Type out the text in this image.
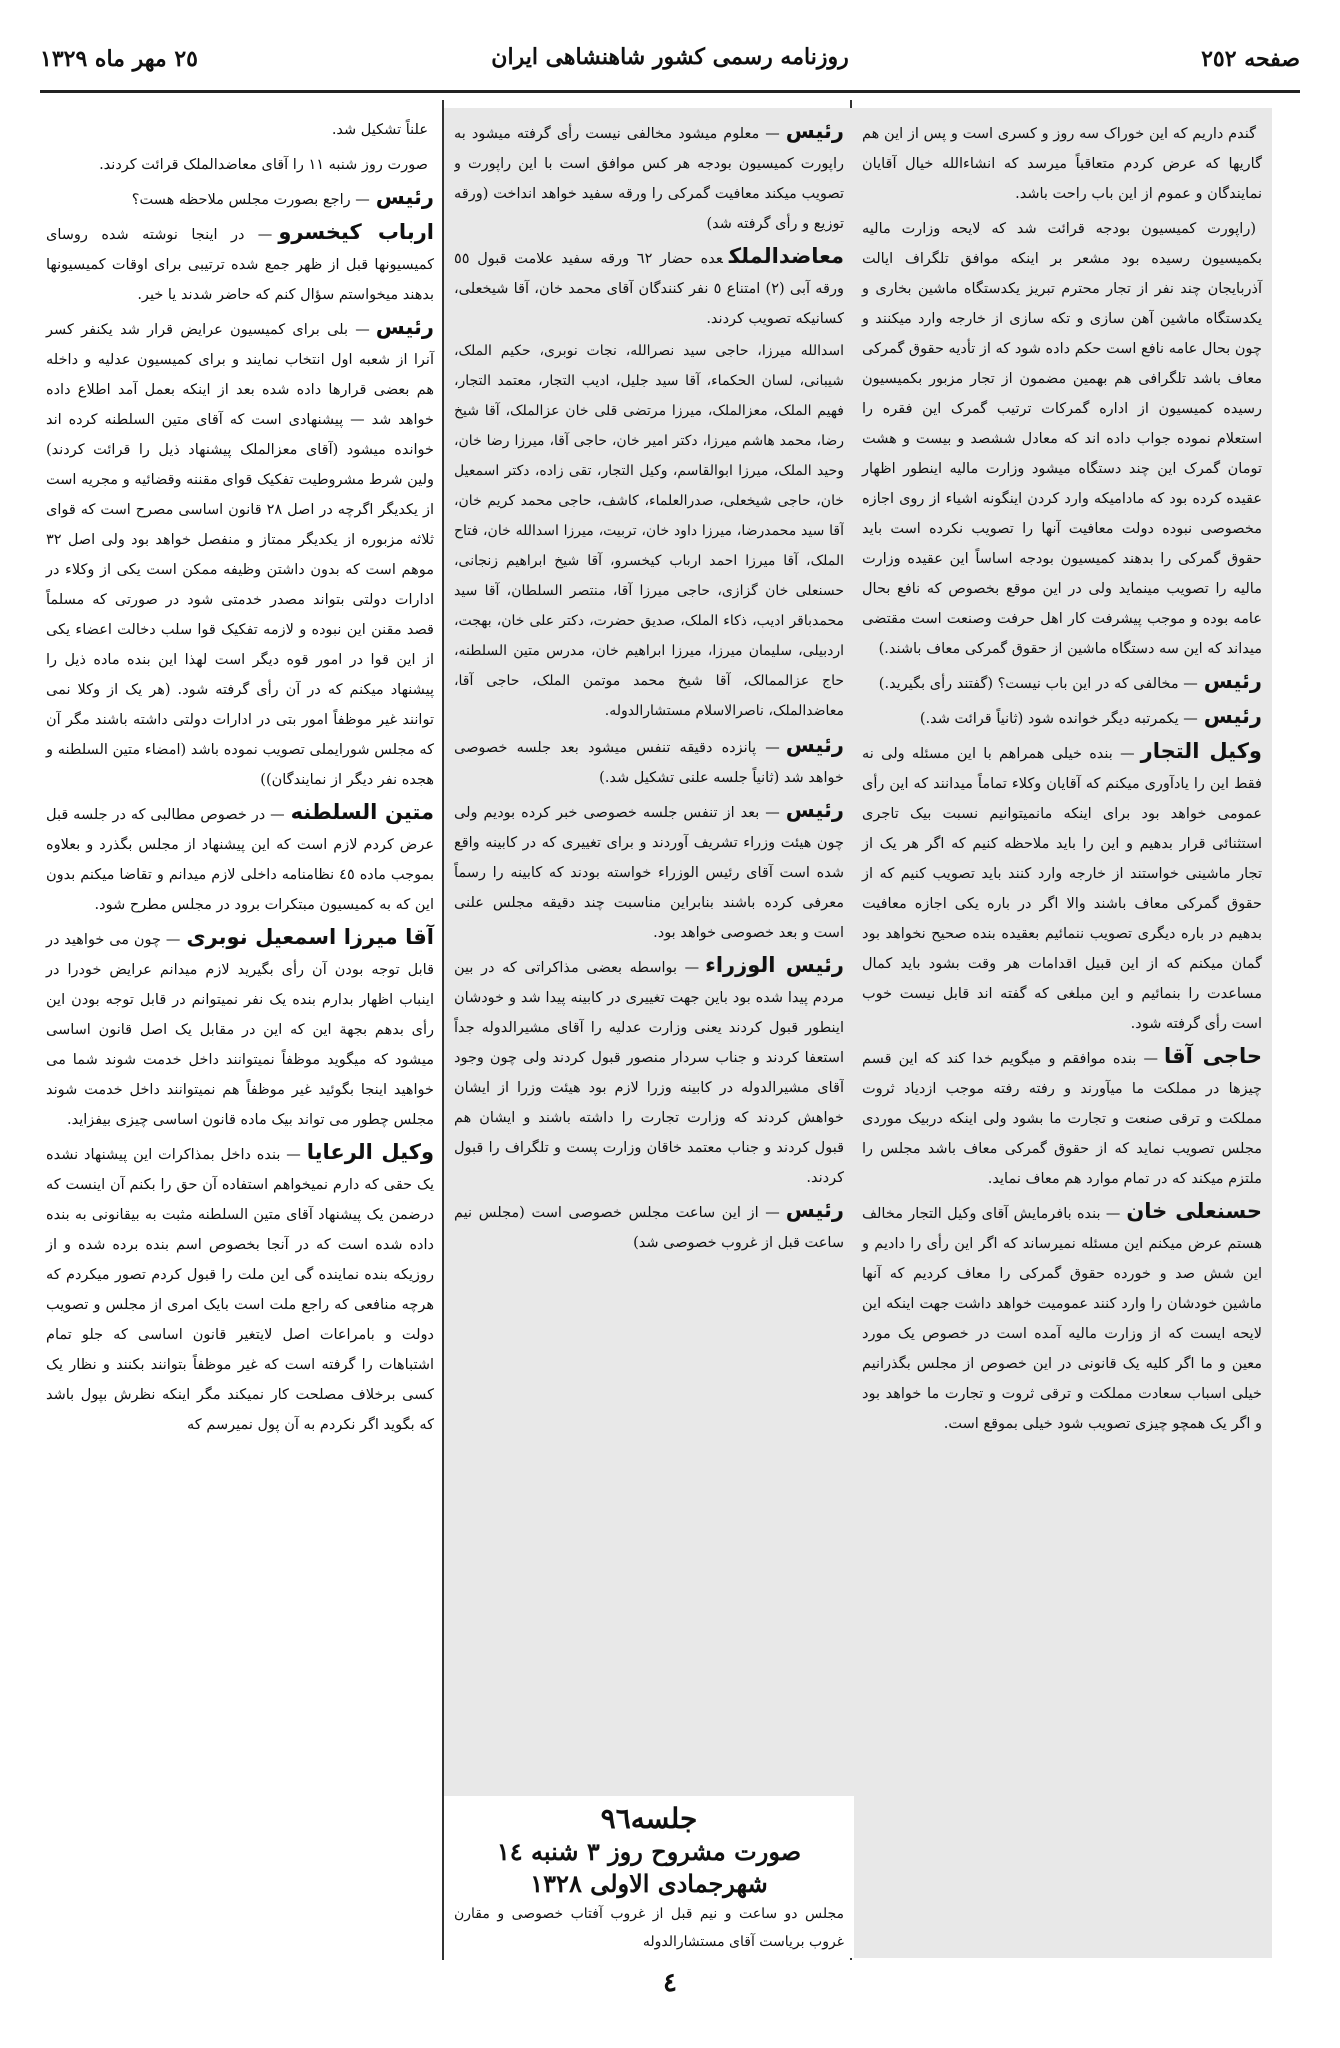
صفحه ٢٥٢
روزنامه رسمی کشور شاهنشاهی ایران
٢٥ مهر ماه ١٣٢٩

گندم داریم که این خوراک سه روز و کسری است و پس از این هم گاریها که عرض کردم متعاقباً میرسد که انشاءالله خیال آقایان نمایندگان و عموم از این باب راحت باشد.

(راپورت کمیسیون بودجه قرائت شد که لایحه وزارت مالیه بکمیسیون رسیده بود مشعر بر اینکه موافق تلگراف ایالت آذربایجان چند نفر از تجار محترم تبریز یکدستگاه ماشین بخاری و یکدستگاه ماشین آهن سازی و تکه سازی از خارجه وارد میکنند و چون بحال عامه نافع است حکم داده شود که از تأدیه حقوق گمرکی معاف باشد تلگرافی هم بهمین مضمون از تجار مزبور بکمیسیون رسیده کمیسیون از اداره گمرکات ترتیب گمرک این فقره را استعلام نموده جواب داده اند که معادل ششصد و بیست و هشت تومان گمرک این چند دستگاه میشود وزارت مالیه اینطور اظهار عقیده کرده بود که مادامیکه وارد کردن اینگونه اشیاء از روی اجازه مخصوصی نبوده دولت معافیت آنها را تصویب نکرده است باید حقوق گمرکی را بدهند کمیسیون بودجه اساساً این عقیده وزارت مالیه را تصویب مینماید ولی در این موقع بخصوص که نافع بحال عامه بوده و موجب پیشرفت کار اهل حرفت وصنعت است مقتضی میداند که این سه دستگاه ماشین از حقوق گمرکی معاف باشند.)

رئیس— مخالفی که در این باب نیست؟ (گفتند رأی بگیرید.)

رئیس— یکمرتبه دیگر خوانده شود (ثانیاً قرائت شد.)

وکیل التجار— بنده خیلی همراهم با این مسئله ولی نه فقط این را یادآوری میکنم که آقایان وکلاء تماماً میدانند که این رأی عمومی خواهد بود برای اینکه مانمیتوانیم نسبت بیک تاجری استثنائی قرار بدهیم و این را باید ملاحظه کنیم که اگر هر یک از تجار ماشینی خواستند از خارجه وارد کنند باید تصویب کنیم که از حقوق گمرکی معاف باشند والا اگر در باره یکی اجازه معافیت بدهیم در باره دیگری تصویب ننمائیم بعقیده بنده صحیح نخواهد بود گمان میکنم که از این قبیل اقدامات هر وقت بشود باید کمال مساعدت را بنمائیم و این مبلغی که گفته اند قابل نیست خوب است رأی گرفته شود.

حاجی آقا— بنده موافقم و میگویم خدا کند که این قسم چیزها در مملکت ما میآورند و رفته رفته موجب ازدیاد ثروت مملکت و ترقی صنعت و تجارت ما بشود ولی اینکه دربیک موردی مجلس تصویب نماید که از حقوق گمرکی معاف باشد مجلس را ملتزم میکند که در تمام موارد هم معاف نماید.

حسنعلی خان— بنده بافرمایش آقای وکیل التجار مخالف هستم عرض میکنم این مسئله نمیرساند که اگر این رأی را دادیم و این شش صد و خورده حقوق گمرکی را معاف کردیم که آنها ماشین خودشان را وارد کنند عمومیت خواهد داشت جهت اینکه این لایحه ایست که از وزارت مالیه آمده است در خصوص یک مورد معین و ما اگر کلیه یک قانونی در این خصوص از مجلس بگذرانیم خیلی اسباب سعادت مملکت و ترقی ثروت و تجارت ما خواهد بود و اگر یک همچو چیزی تصویب شود خیلی بموقع است.

رئیس— معلوم میشود مخالفی نیست رأی گرفته میشود به راپورت کمیسیون بودجه هر کس موافق است با این راپورت و تصویب میکند معافیت گمرکی را ورقه سفید خواهد انداخت (ورقه توزیع و رأی گرفته شد)

معاضدالملکعده حضار ٦٢ ورقه سفید علامت قبول ٥٥ ورقه آبی (٢) امتناع ٥ نفر کنندگان آقای محمد خان، آقا شیخعلی، کسانیکه تصویب کردند.

اسدالله میرزا، حاجی سید نصرالله، نجات نوبری، حکیم الملک، شیبانی، لسان الحکماء، آقا سید جلیل، ادیب التجار، معتمد التجار، فهیم الملک، معزالملک، میرزا مرتضی قلی خان عزالملک، آقا شیخ رضا، محمد هاشم میرزا، دکتر امیر خان، حاجی آقا، میرزا رضا خان، وحید الملک، میرزا ابوالقاسم، وکیل التجار، تقی زاده، دکتر اسمعیل خان، حاجی شیخعلی، صدرالعلماء، کاشف، حاجی محمد کریم خان، آقا سید محمدرضا، میرزا داود خان، تربیت، میرزا اسدالله خان، فتاح الملک، آقا میرزا احمد ارباب کیخسرو، آقا شیخ ابراهیم زنجانی، حسنعلی خان گزازی، حاجی میرزا آقا، منتصر السلطان، آقا سید محمدباقر ادیب، ذکاء الملک، صدیق حضرت، دکتر علی خان، بهجت، اردبیلی، سلیمان میرزا، میرزا ابراهیم خان، مدرس متین السلطنه، حاج عزالممالک، آقا شیخ محمد موتمن الملک، حاجی آقا، معاضدالملک، ناصرالاسلام مستشارالدوله.

رئیس— پانزده دقیقه تنفس میشود بعد جلسه خصوصی خواهد شد (ثانیاً جلسه علنی تشکیل شد.)

رئیس— بعد از تنفس جلسه خصوصی خبر کرده بودیم ولی چون هیئت وزراء تشریف آوردند و برای تغییری که در کابینه واقع شده است آقای رئیس الوزراء خواسته بودند که کابینه را رسماً معرفی کرده باشند بنابراین مناسبت چند دقیقه مجلس علنی است و بعد خصوصی خواهد بود.

رئیس الوزراء— بواسطه بعضی مذاکراتی که در بین مردم پیدا شده بود باین جهت تغییری در کابینه پیدا شد و خودشان اینطور قبول کردند یعنی وزارت عدلیه را آقای مشیرالدوله جداً استعفا کردند و جناب سردار منصور قبول کردند ولی چون وجود آقای مشیرالدوله در کابینه وزرا لازم بود هیئت وزرا از ایشان خواهش کردند که وزارت تجارت را داشته باشند و ایشان هم قبول کردند و جناب معتمد خاقان وزارت پست و تلگراف را قبول کردند.

رئیس— از این ساعت مجلس خصوصی است (مجلس نیم ساعت قبل از غروب خصوصی شد)

جلسه٩٦

صورت مشروح روز ٣ شنبه ١٤

شهرجمادی الاولی ١٣٢٨

مجلس دو ساعت و نیم قبل از غروب آفتاب خصوصی و مقارن غروب بریاست آقای مستشارالدوله

علناً تشکیل شد.

صورت روز شنبه ١١ را آقای معاضدالملک قرائت کردند.

رئیس— راجع بصورت مجلس ملاحظه هست؟

ارباب کیخسرو— در اینجا نوشته شده روسای کمیسیونها قبل از ظهر جمع شده ترتیبی برای اوقات کمیسیونها بدهند میخواستم سؤال کنم که حاضر شدند یا خیر.

رئیس— بلی برای کمیسیون عرایض قرار شد یکنفر کسر آنرا از شعبه اول انتخاب نمایند و برای کمیسیون عدلیه و داخله هم بعضی قرارها داده شده بعد از اینکه بعمل آمد اطلاع داده خواهد شد — پیشنهادی است که آقای متین السلطنه کرده اند خوانده میشود (آقای معزالملک پیشنهاد ذیل را قرائت کردند) ولین شرط مشروطیت تفکیک قوای مقننه وقضائیه و مجریه است از یکدیگر اگرچه در اصل ٢٨ قانون اساسی مصرح است که قوای ثلاثه مزبوره از یکدیگر ممتاز و منفصل خواهد بود ولی اصل ٣٢ موهم است که بدون داشتن وظیفه ممکن است یکی از وکلاء در ادارات دولتی بتواند مصدر خدمتی شود در صورتی که مسلماً قصد مقنن این نبوده و لازمه تفکیک قوا سلب دخالت اعضاء یکی از این قوا در امور قوه دیگر است لهذا این بنده ماده ذیل را پیشنهاد میکنم که در آن رأی گرفته شود. (هر یک از وکلا نمی توانند غیر موظفاً امور بتی در ادارات دولتی داشته باشند مگر آن که مجلس شورایملی تصویب نموده باشد (امضاء متین السلطنه و هجده نفر دیگر از نمایندگان))

متین السلطنه— در خصوص مطالبی که در جلسه قبل عرض کردم لازم است که این پیشنهاد از مجلس بگذرد و بعلاوه بموجب ماده ٤٥ نظامنامه داخلی لازم میدانم و تقاضا میکنم بدون این که به کمیسیون مبتکرات برود در مجلس مطرح شود.

آقا میرزا اسمعیل نوبری— چون می خواهید در قابل توجه بودن آن رأی بگیرید لازم میدانم عرایض خودرا در اینباب اظهار بدارم بنده یک نفر نمیتوانم در قابل توجه بودن این رأی بدهم بجهة این که این در مقابل یک اصل قانون اساسی میشود که میگوید موظفاً نمیتوانند داخل خدمت شوند شما می خواهید اینجا بگوئید غیر موظفاً هم نمیتوانند داخل خدمت شوند مجلس چطور می تواند بیک ماده قانون اساسی چیزی بیفزاید.

وکیل الرعایا— بنده داخل بمذاکرات این پیشنهاد نشده یک حقی که دارم نمیخواهم استفاده آن حق را بکنم آن اینست که درضمن یک پیشنهاد آقای متین السلطنه مثبت به بیقانونی به بنده داده شده است که در آنجا بخصوص اسم بنده برده شده و از روزیکه بنده نماینده گی این ملت را قبول کردم تصور میکردم که هرچه منافعی که راجع ملت است بایک امری از مجلس و تصویب دولت و بامراعات اصل لایتغیر قانون اساسی که جلو تمام اشتباهات را گرفته است که غیر موظفاً بتوانند بکنند و نظار یک کسی برخلاف مصلحت کار نمیکند مگر اینکه نظرش بپول باشد که بگوید اگر نکردم به آن پول نمیرسم که

٤
